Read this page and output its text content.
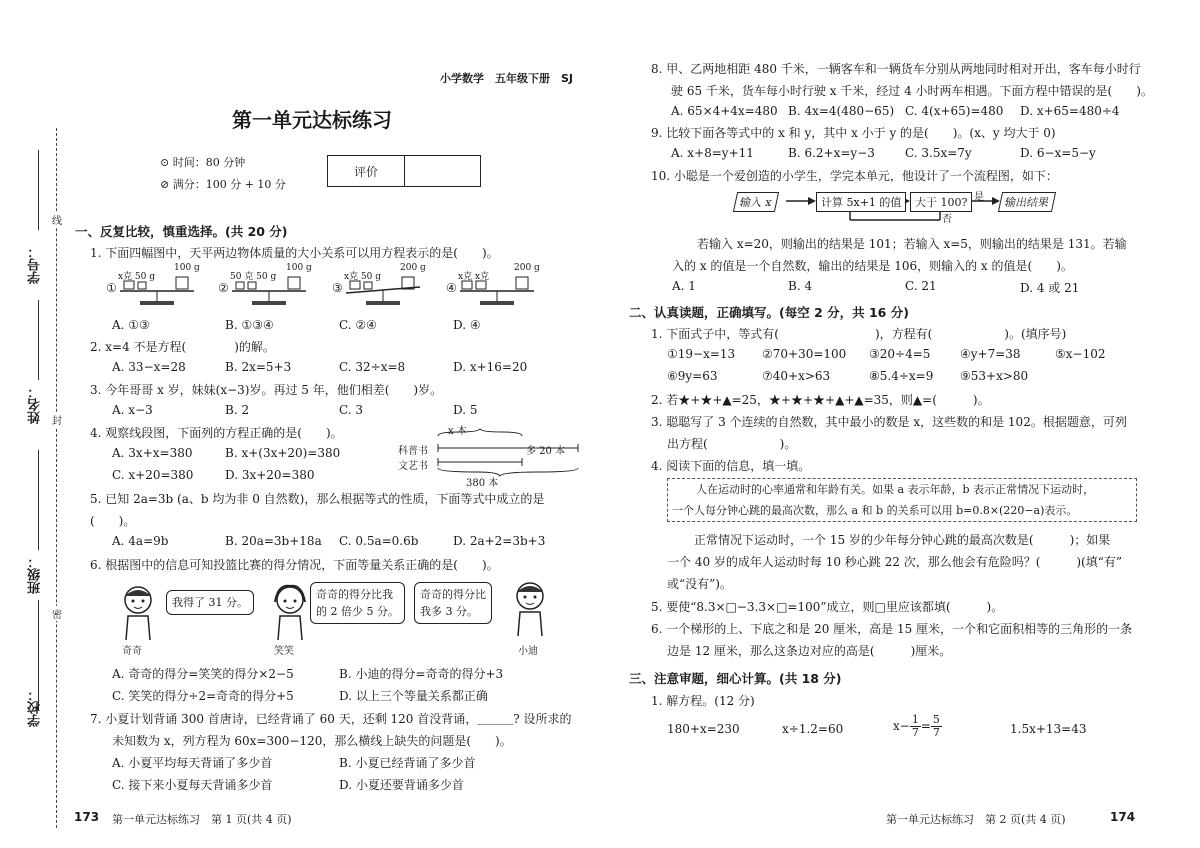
学号：
姓名：
班级：
学校：
线
封
密
小学数学　五年级下册　SJ
第一单元达标练习
⊙ 时间：80 分钟
⊘ 满分：100 分 + 10 分
评价
一、反复比较，慎重选择。(共 20 分)
1. 下面四幅图中，天平两边物体质量的大小关系可以用方程表示的是(　　)。
①
x克 50 g
100 g
②
50 克 50 g
100 g
③
x克 50 g
200 g
④
x克 x克
200 g
A. ①③	B. ①③④	C. ②④	D. ④
2. x=4 不是方程(　　　　)的解。
A. 33−x=28	B. 2x=5+3	C. 32÷x=8	D. x+16=20
3. 今年哥哥 x 岁，妹妹(x−3)岁。再过 5 年，他们相差(　　)岁。
A. x−3	B. 2	C. 3	D. 5
4. 观察线段图，下面列的方程正确的是(　　)。	x 本
科普书
文艺书
多 20 本
380 本
A. 3x+x=380	B. x+(3x+20)=380
C. x+20=380	D. 3x+20=380
5. 已知 2a=3b (a、b 均为非 0 自然数)，那么根据等式的性质，下面等式中成立的是
(　　)。
A. 4a=9b	B. 20a=3b+18a C. 0.5a=0.6b	D. 2a+2=3b+3
6. 根据图中的信息可知投篮比赛的得分情况，下面等量关系正确的是(　　)。
我得了 31 分。
奇奇	笑笑
奇奇的得分比我
的 2 倍少 5 分。
奇奇的得分比
我多 3 分。
小迪
A. 奇奇的得分=笑笑的得分×2−5	B. 小迪的得分=奇奇的得分+3
C. 笑笑的得分÷2=奇奇的得分+5	D. 以上三个等量关系都正确
7. 小夏计划背诵 300 首唐诗，已经背诵了 60 天，还剩 120 首没背诵，＿＿＿? 设所求的
未知数为 x，列方程为 60x=300−120，那么横线上缺失的问题是(　　)。
A. 小夏平均每天背诵了多少首	B. 小夏已经背诵了多少首
C. 接下来小夏每天背诵多少首	D. 小夏还要背诵多少首
173 第一单元达标练习　第 1 页(共 4 页)	第一单元达标练习　第 2 页(共 4 页)	174
8. 甲、乙两地相距 480 千米，一辆客车和一辆货车分别从两地同时相对开出，客车每小时行
驶 65 千米，货车每小时行驶 x 千米，经过 4 小时两车相遇。下面方程中错误的是(　　)。
A. 65×4+4x=480 B. 4x=4(480−65) C. 4(x+65)=480 D. x+65=480÷4
9. 比较下面各等式中的 x 和 y，其中 x 小于 y 的是(　　)。(x、y 均大于 0)
A. x+8=y+11	B. 6.2+x=y−3	C. 3.5x=7y	D. 6−x=5−y
10. 小聪是一个爱创造的小学生，学完本单元，他设计了一个流程图，如下：
输入 x	计算 5x+1 的值	大于 100?	输出结果
是
否
若输入 x=20，则输出的结果是 101；若输入 x=5，则输出的结果是 131。若输
入的 x 的值是一个自然数，输出的结果是 106，则输入的 x 的值是(　　)。
A. 1	B. 4	C. 21	D. 4 或 21
二、认真读题，正确填写。(每空 2 分，共 16 分)
1. 下面式子中，等式有(　　　　　　　　)，方程有(　　　　　　)。(填序号)
①19−x=13 ②70+30=100 ③20÷4=5 ④y+7=38	⑤x−102
⑥9y=63	⑦40+x>63	⑧5.4÷x=9 ⑨53+x>80
2. 若★+★+▲=25，★+★+★+▲+▲=35，则▲=(　　　)。
3. 聪聪写了 3 个连续的自然数，其中最小的数是 x，这些数的和是 102。根据题意，可列
出方程(　　　　　　)。
4. 阅读下面的信息，填一填。
人在运动时的心率通常和年龄有关。如果 a 表示年龄，b 表示正常情况下运动时，
一个人每分钟心跳的最高次数，那么 a 和 b 的关系可以用 b=0.8×(220−a)表示。
正常情况下运动时，一个 15 岁的少年每分钟心跳的最高次数是(　　　)；如果
一个 40 岁的成年人运动时每 10 秒心跳 22 次，那么他会有危险吗？(　　　)(填“有”
或“没有”)。
5. 要使“8.3×□−3.3×□=100”成立，则□里应该都填(　　　)。
6. 一个梯形的上、下底之和是 20 厘米，高是 15 厘米，一个和它面积相等的三角形的一条
边是 12 厘米，那么这条边对应的高是(　　　)厘米。
三、注意审题，细心计算。(共 18 分)
1. 解方程。(12 分)
180+x=230	x÷1.2=60	$x- \frac{1}{7} = \frac{5}{7}$	1.5x+13=43
